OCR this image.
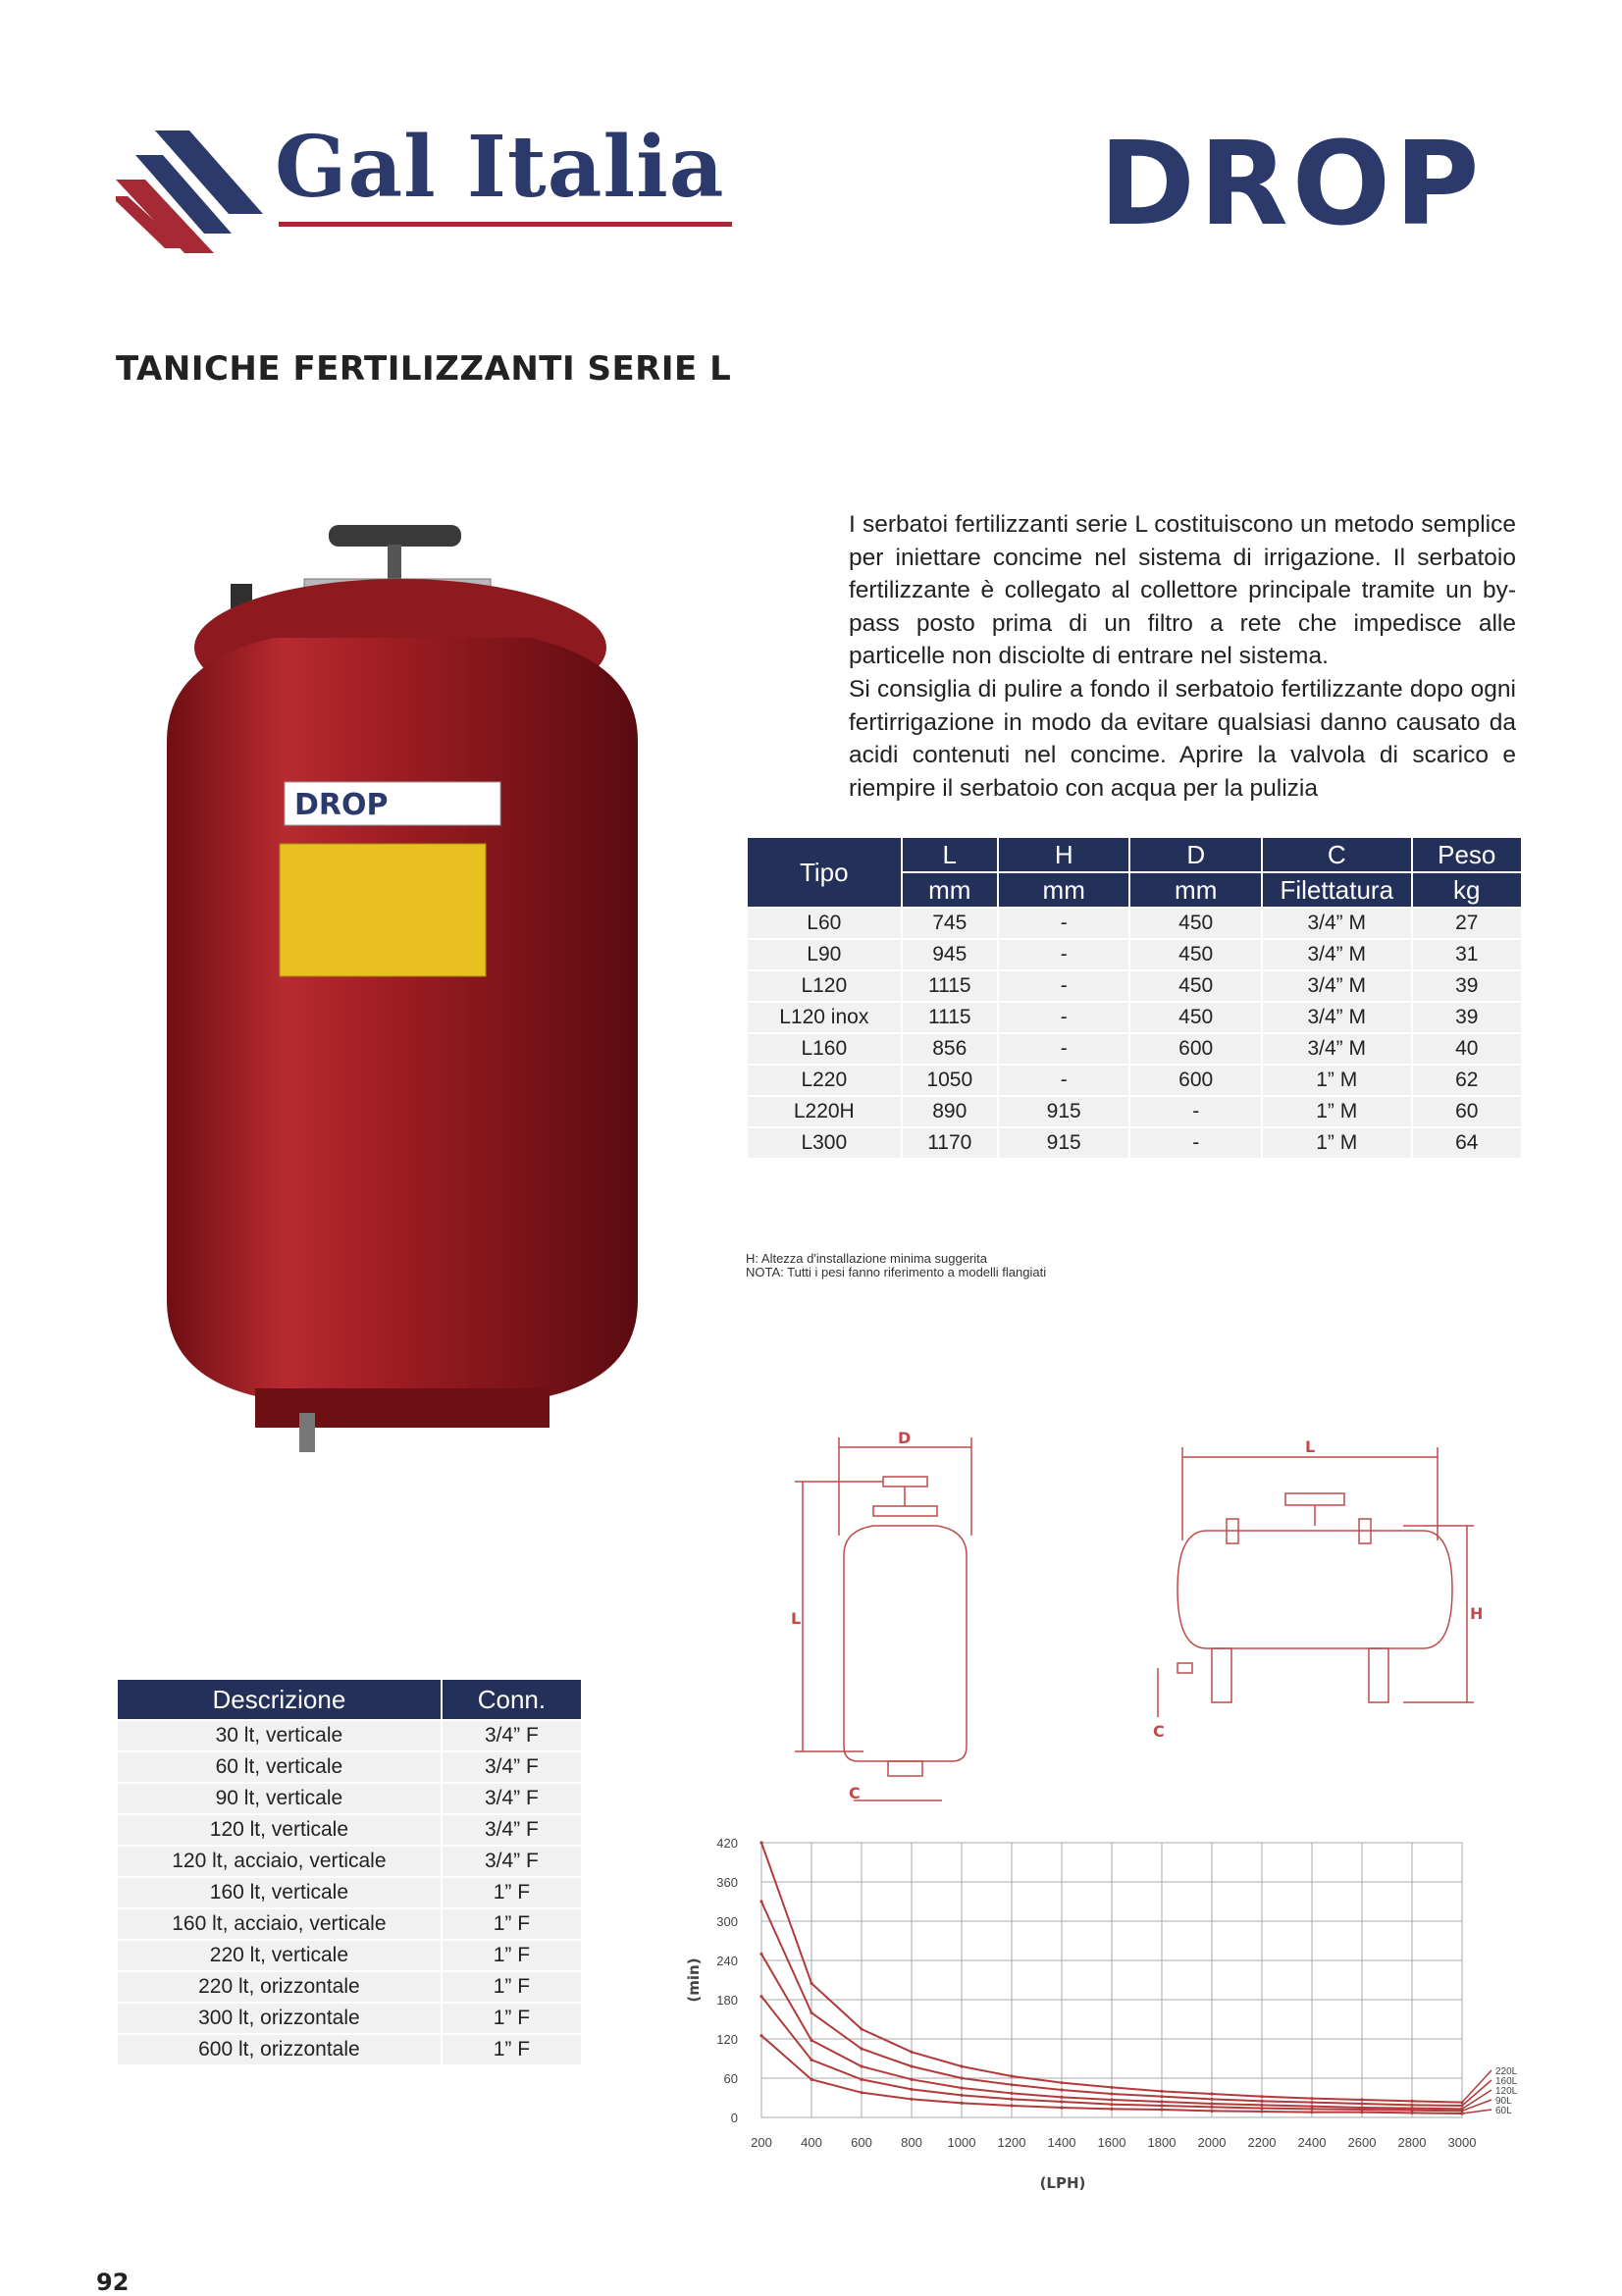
Gal Italia	DROP
TANICHE FERTILIZZANTI SERIE L

I serbatoi fertilizzanti serie L costituiscono un metodo semplice per iniettare concime nel sistema di irrigazione. Il serbatoio fertilizzante è collegato al collettore principale tramite un by-pass posto prima di un filtro a rete che impedisce alle particelle non disciolte di entrare nel sistema.

Si consiglia di pulire a fondo il serbatoio fertilizzante dopo ogni fertirrigazione in modo da evitare qualsiasi danno causato da acidi contenuti nel concime. Aprire la valvola di scarico e riempire il serbatoio con acqua per la pulizia

DROP
Tipo	L	H	D	C	Peso
	mm	mm	mm	Filettatura	kg
L60	745	-	450	3/4” M	27
L90	945	-	450	3/4” M	31
L120	1115	-	450	3/4” M	39
L120 inox	1115	-	450	3/4” M	39
L160	856	-	600	3/4” M	40
L220	1050	-	600	1” M	62
L220H	890	915	-	1” M	60
L300	1170	915	-	1” M	64
H: Altezza d'installazione minima suggerita
NOTA: Tutti i pesi fanno riferimento a modelli flangiati
Descrizione	Conn.
30 lt, verticale	3/4” F
60 lt, verticale	3/4” F
90 lt, verticale	3/4” F
120 lt, verticale	3/4” F
120 lt, acciaio, verticale	3/4” F
160 lt, verticale	1” F
160 lt, acciaio, verticale	1” F
220 lt, verticale	1” F
220 lt, orizzontale	1” F
300 lt, orizzontale	1” F
600 lt, orizzontale	1” F
D
L
C
L
H
C
200 400 600 800 1000 1200 1400 1600 1800 2000 2200 2400 2600 2800 3000
0
60
120
180
240
300
360
420
(LPH)
(min)
220L
160L
120L
90L
60L
92
